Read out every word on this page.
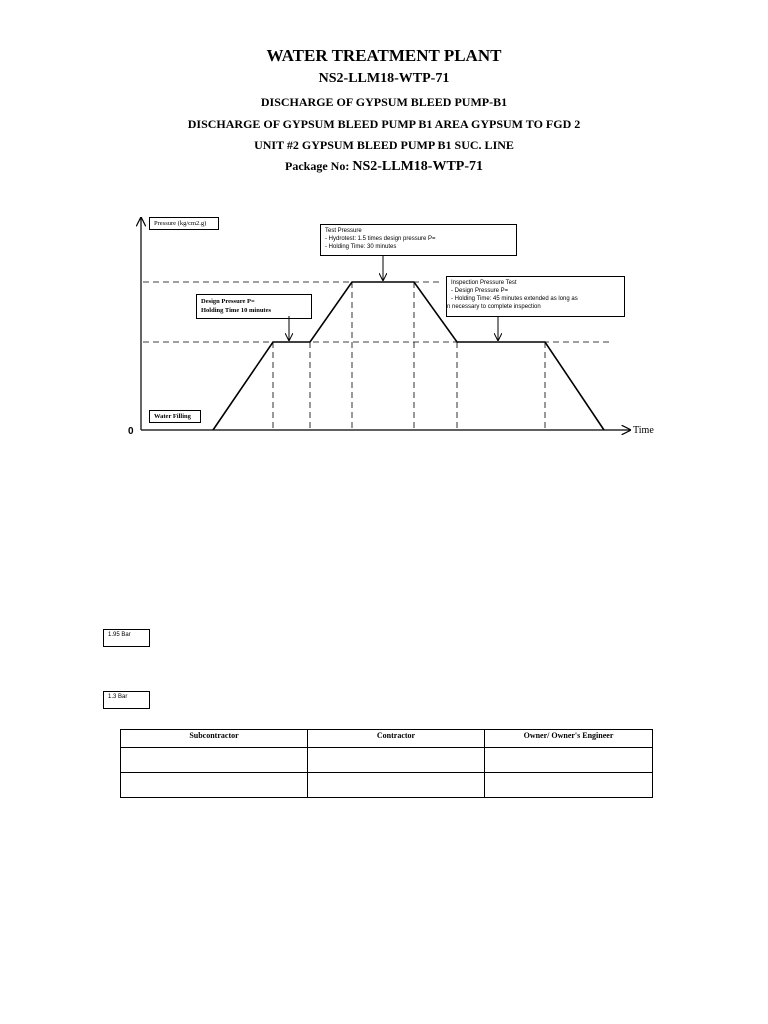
WATER TREATMENT PLANT
NS2-LLM18-WTP-71
DISCHARGE OF GYPSUM BLEED PUMP-B1
DISCHARGE OF GYPSUM BLEED PUMP B1 AREA GYPSUM TO FGD 2
UNIT #2 GYPSUM BLEED PUMP B1 SUC. LINE
Package No: NS2-LLM18-WTP-71
0	Time
Pressure (kg/cm2.g)
Water Filling
Design Pressure P=
Holding Time 10 minutes
Test Pressure
- Hydrotest: 1.5 times design pressure P=
- Holding Time: 30 minutes
Inspection Pressure Test
- Design Pressure P=
- Holding Time: 45 minutes extended as long as
n necessary to complete inspection
1.95 Bar
1.3 Bar
Subcontractor	Contractor	Owner/ Owner's Engineer
